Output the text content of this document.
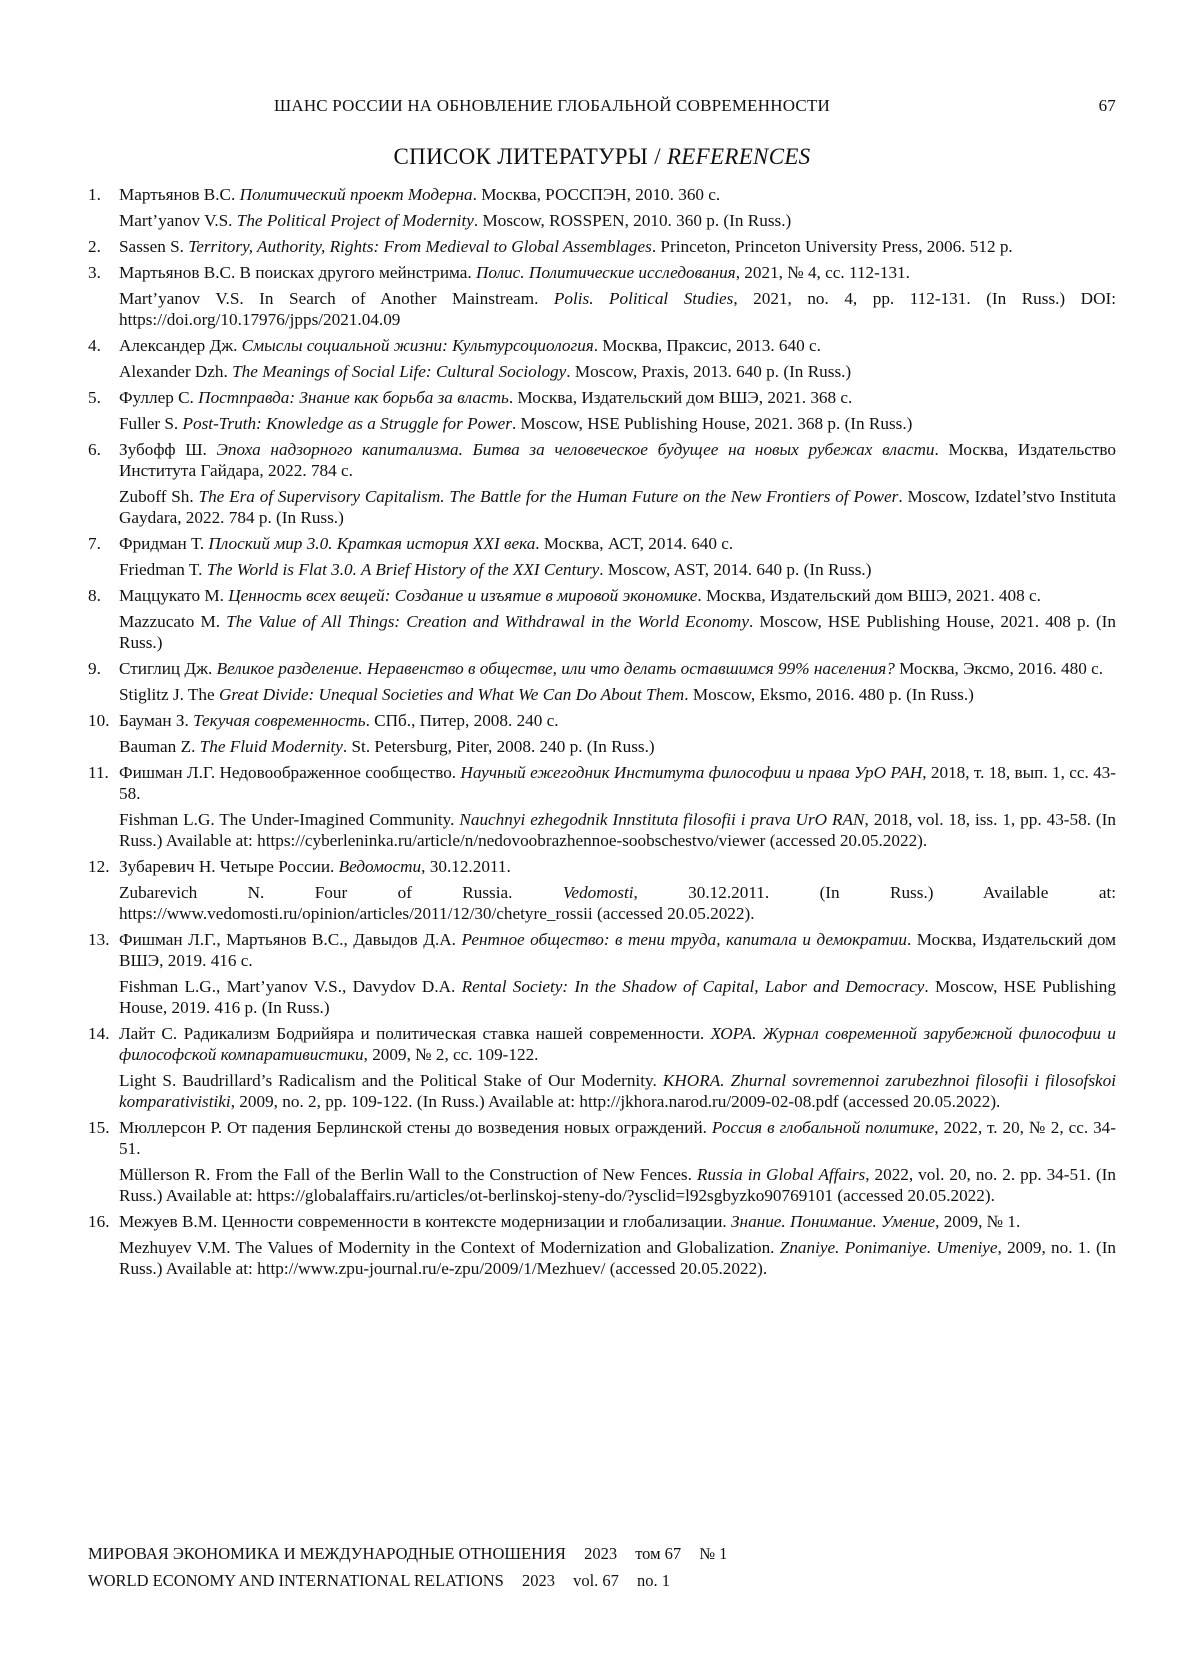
ШАНС РОССИИ НА ОБНОВЛЕНИЕ ГЛОБАЛЬНОЙ СОВРЕМЕННОСТИ	67
СПИСОК ЛИТЕРАТУРЫ / REFERENCES
1.	Мартьянов В.С. Политический проект Модерна. Москва, РОССПЭН, 2010. 360 с.
Mart’yanov V.S. The Political Project of Modernity. Moscow, ROSSPEN, 2010. 360 p. (In Russ.)
2.	Sassen S. Territory, Authority, Rights: From Medieval to Global Assemblages. Princeton, Princeton University Press, 2006. 512 p.
3.	Мартьянов В.С. В поисках другого мейнстрима. Полис. Политические исследования, 2021, № 4, сс. 112-131.
Mart’yanov V.S. In Search of Another Mainstream. Polis. Political Studies, 2021, no. 4, pp. 112-131. (In Russ.) DOI: https://doi.org/10.17976/jpps/2021.04.09
4.	Александер Дж. Смыслы социальной жизни: Культурсоциология. Москва, Праксис, 2013. 640 с.
Alexander Dzh. The Meanings of Social Life: Cultural Sociology. Moscow, Praxis, 2013. 640 p. (In Russ.)
5.	Фуллер С. Постправда: Знание как борьба за власть. Москва, Издательский дом ВШЭ, 2021. 368 с.
Fuller S. Post-Truth: Knowledge as a Struggle for Power. Moscow, HSE Publishing House, 2021. 368 p. (In Russ.)
6.	Зубофф Ш. Эпоха надзорного капитализма. Битва за человеческое будущее на новых рубежах власти. Москва, Издательство Института Гайдара, 2022. 784 с.
Zuboff Sh. The Era of Supervisory Capitalism. The Battle for the Human Future on the New Frontiers of Power. Moscow, Izdatel’stvo Instituta Gaydara, 2022. 784 p. (In Russ.)
7.	Фридман Т. Плоский мир 3.0. Краткая история XXI века. Москва, АСТ, 2014. 640 с.
Friedman T. The World is Flat 3.0. A Brief History of the XXI Century. Moscow, AST, 2014. 640 p. (In Russ.)
8.	Маццукато М. Ценность всех вещей: Создание и изъятие в мировой экономике. Москва, Издательский дом ВШЭ, 2021. 408 с.
Mazzucato M. The Value of All Things: Creation and Withdrawal in the World Economy. Moscow, HSE Publishing House, 2021. 408 p. (In Russ.)
9.	Стиглиц Дж. Великое разделение. Неравенство в обществе, или что делать оставшимся 99% населения? Москва, Эксмо, 2016. 480 с.
Stiglitz J. The Great Divide: Unequal Societies and What We Can Do About Them. Moscow, Eksmo, 2016. 480 p. (In Russ.)
10. Бауман З. Текучая современность. СПб., Питер, 2008. 240 с.
Bauman Z. The Fluid Modernity. St. Petersburg, Piter, 2008. 240 p. (In Russ.)
11. Фишман Л.Г. Недовоображенное сообщество. Научный ежегодник Института философии и права УрО РАН, 2018, т. 18, вып. 1, сс. 43-58.
Fishman L.G. The Under-Imagined Community. Nauchnyi ezhegodnik Innstituta filosofii i prava UrO RAN, 2018, vol. 18, iss. 1, pp. 43-58. (In Russ.) Available at: https://cyberleninka.ru/article/n/nedovoobrazhennoe-soobschestvo/viewer (accessed 20.05.2022).
12. Зубаревич Н. Четыре России. Ведомости, 30.12.2011.
Zubarevich N. Four of Russia. Vedomosti, 30.12.2011. (In Russ.) Available at: https://www.vedomosti.ru/opinion/articles/2011/12/30/chetyre_rossii (accessed 20.05.2022).
13. Фишман Л.Г., Мартьянов В.С., Давыдов Д.А. Рентное общество: в тени труда, капитала и демократии. Москва, Издательский дом ВШЭ, 2019. 416 с.
Fishman L.G., Mart’yanov V.S., Davydov D.A. Rental Society: In the Shadow of Capital, Labor and Democracy. Moscow, HSE Publishing House, 2019. 416 p. (In Russ.)
14. Лайт С. Радикализм Бодрийяра и политическая ставка нашей современности. ХОРА. Журнал современной зарубежной философии и философской компаративистики, 2009, № 2, сс. 109-122.
Light S. Baudrillard’s Radicalism and the Political Stake of Our Modernity. KHORA. Zhurnal sovremennoi zarubezhnoi filosofii i filosofskoi komparativistiki, 2009, no. 2, pp. 109-122. (In Russ.) Available at: http://jkhora.narod.ru/2009-02-08.pdf (accessed 20.05.2022).
15. Мюллерсон Р. От падения Берлинской стены до возведения новых ограждений. Россия в глобальной политике, 2022, т. 20, № 2, сс. 34-51.
Müllerson R. From the Fall of the Berlin Wall to the Construction of New Fences. Russia in Global Affairs, 2022, vol. 20, no. 2. pp. 34-51. (In Russ.) Available at: https://globalaffairs.ru/articles/ot-berlinskoj-steny-do/?ysclid=l92sgbyzko90769101 (accessed 20.05.2022).
16. Межуев В.М. Ценности современности в контексте модернизации и глобализации. Знание. Понимание. Умение, 2009, № 1.
Mezhuyev V.M. The Values of Modernity in the Context of Modernization and Globalization. Znaniye. Ponimaniye. Umeniye, 2009, no. 1. (In Russ.) Available at: http://www.zpu-journal.ru/e-zpu/2009/1/Mezhuev/ (accessed 20.05.2022).
МИРОВАЯ ЭКОНОМИКА И МЕЖДУНАРОДНЫЕ ОТНОШЕНИЯ 2023 том 67 № 1
WORLD ECONOMY AND INTERNATIONAL RELATIONS 2023 vol. 67 no. 1
